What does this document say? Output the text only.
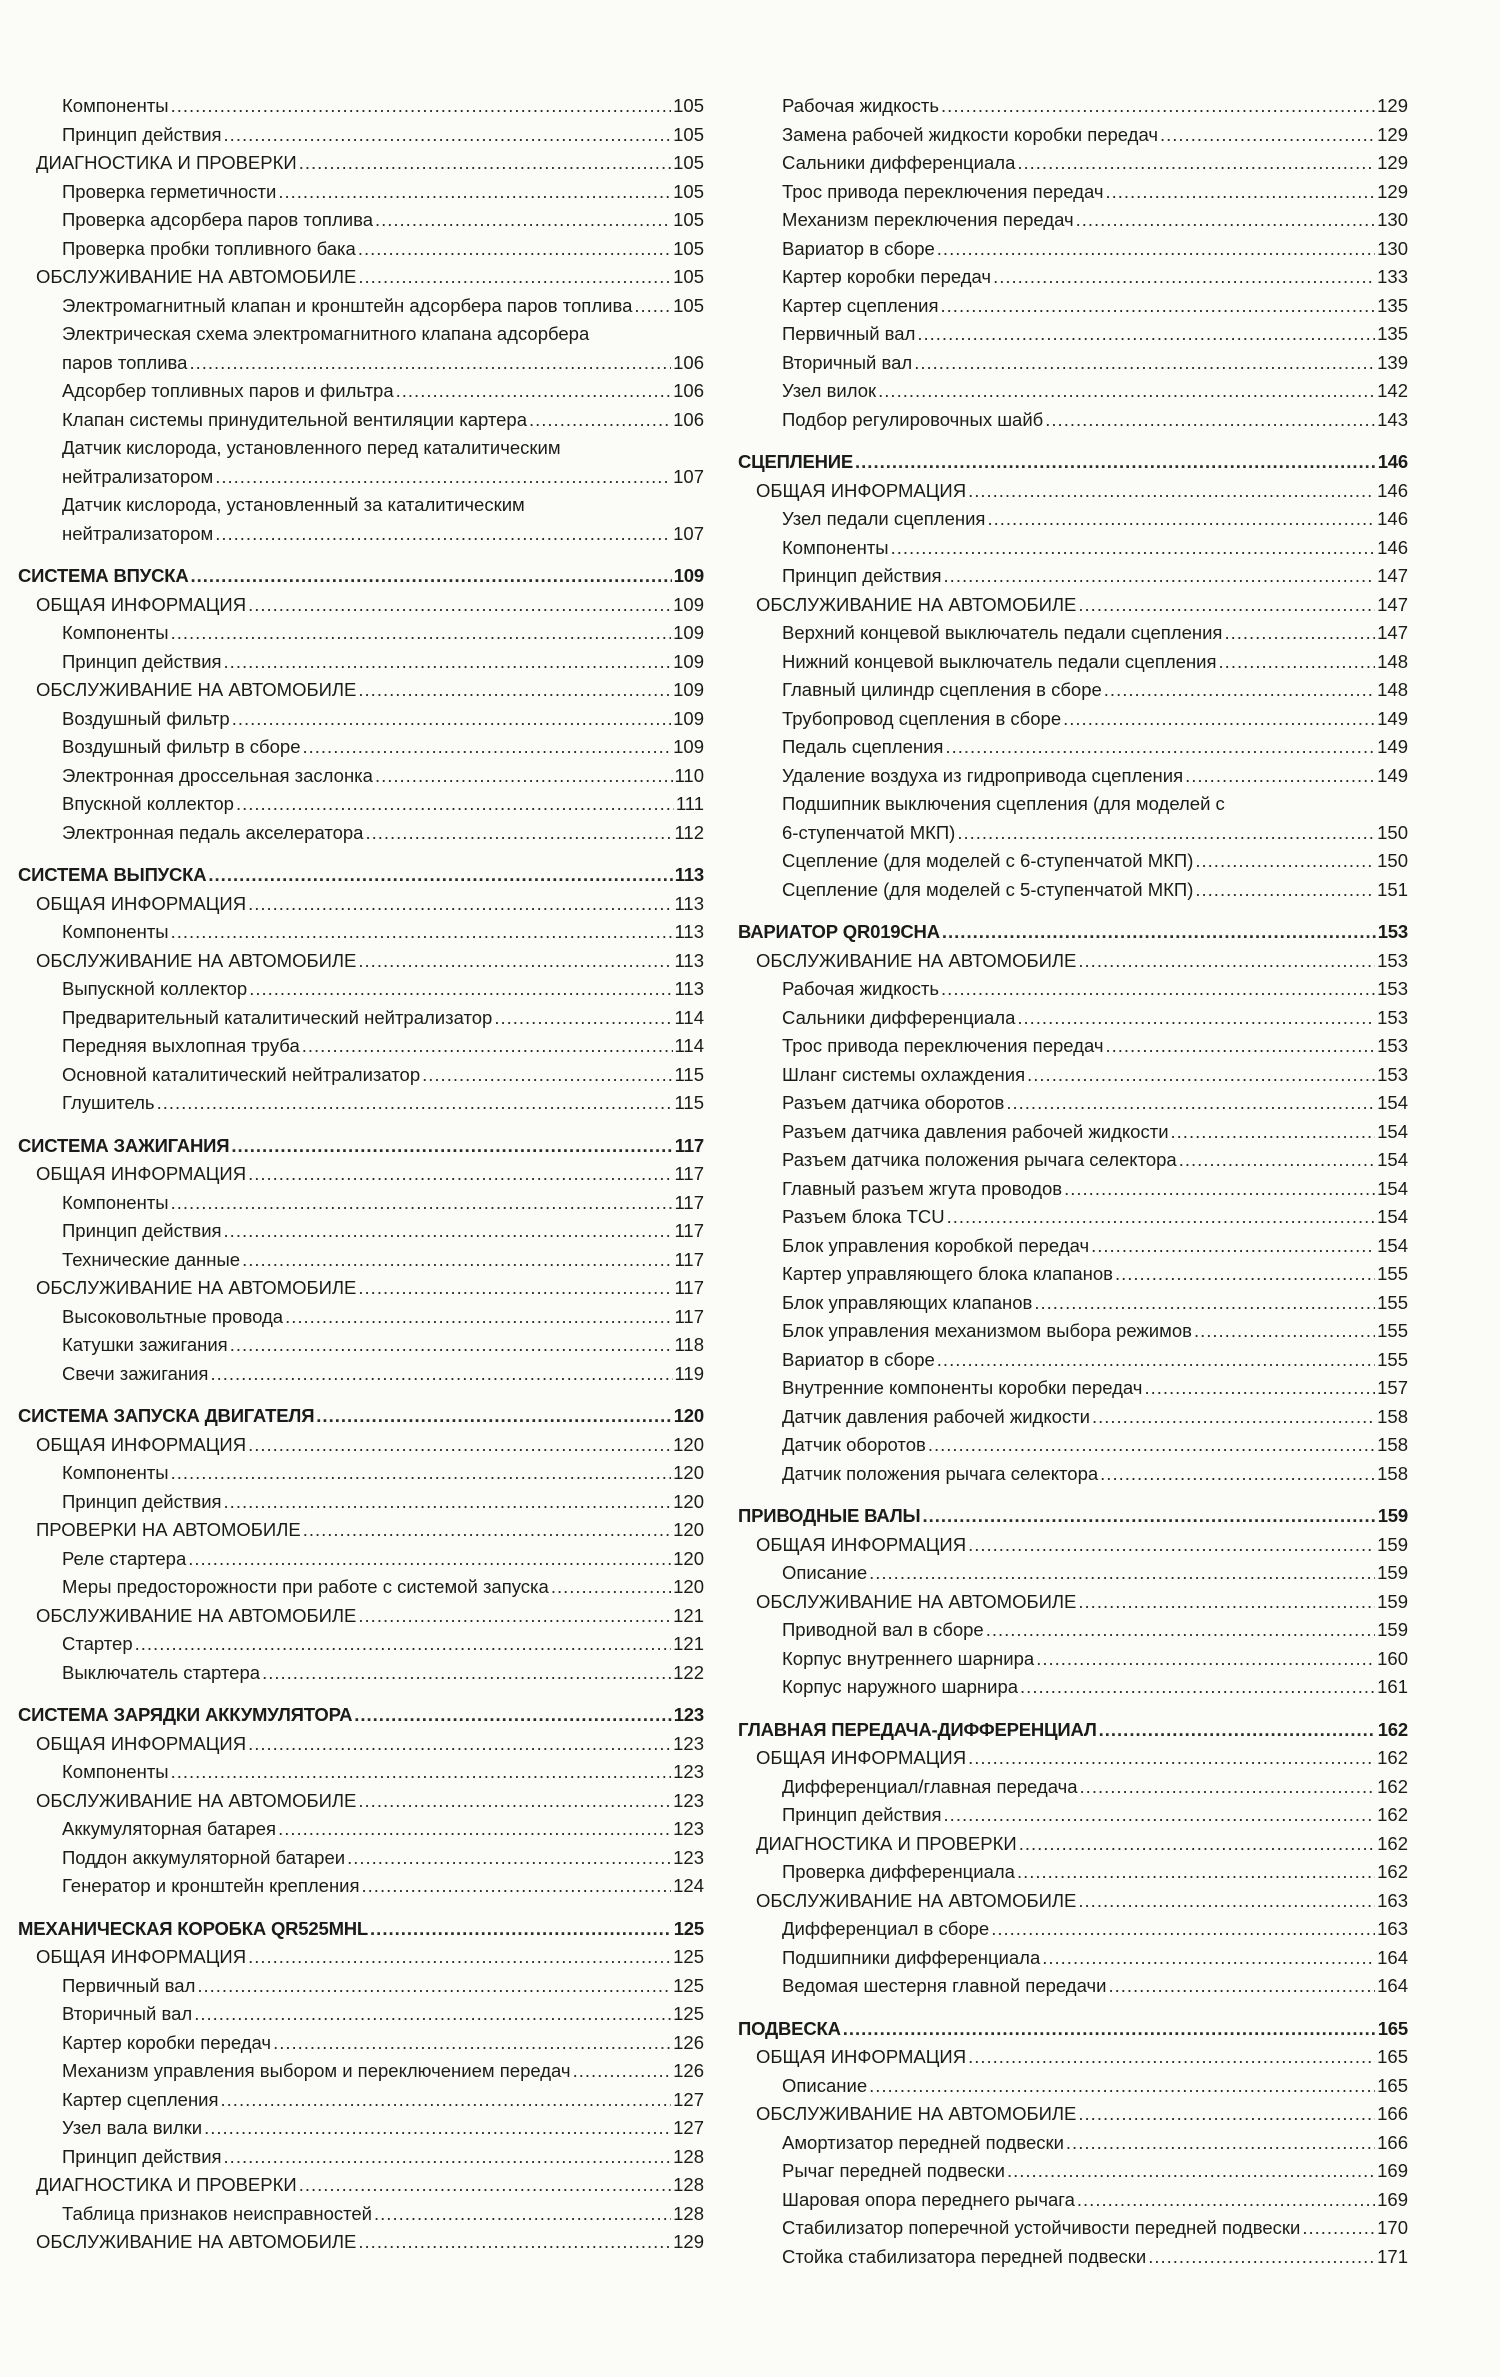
Компоненты .....	105
Принцип действия .....	105
ДИАГНОСТИКА И ПРОВЕРКИ .....	105
Проверка герметичности .....	105
Проверка адсорбера паров топлива .....	105
Проверка пробки топливного бака .....	105
ОБСЛУЖИВАНИЕ НА АВТОМОБИЛЕ .....	105
Электромагнитный клапан и кронштейн адсорбера паров топлива ..... 105
Электрическая схема электромагнитного клапана адсорбера
паров топлива .....	106
Адсорбер топливных паров и фильтра .....	106
Клапан системы принудительной вентиляции картера .....	106
Датчик кислорода, установленного перед каталитическим
нейтрализатором .....	107
Датчик кислорода, установленный за каталитическим
нейтрализатором .....	107
СИСТЕМА ВПУСКА .....	109
ОБЩАЯ ИНФОРМАЦИЯ .....	109
Компоненты .....	109
Принцип действия .....	109
ОБСЛУЖИВАНИЕ НА АВТОМОБИЛЕ .....	109
Воздушный фильтр .....	109
Воздушный фильтр в сборе .....	109
Электронная дроссельная заслонка .....	110
Впускной коллектор .....	111
Электронная педаль акселератора .....	112
СИСТЕМА ВЫПУСКА .....	113
ОБЩАЯ ИНФОРМАЦИЯ .....	113
Компоненты .....	113
ОБСЛУЖИВАНИЕ НА АВТОМОБИЛЕ .....	113
Выпускной коллектор .....	113
Предварительный каталитический нейтрализатор .....	114
Передняя выхлопная труба .....	114
Основной каталитический нейтрализатор .....	115
Глушитель .....	115
СИСТЕМА ЗАЖИГАНИЯ .....	117
ОБЩАЯ ИНФОРМАЦИЯ .....	117
Компоненты .....	117
Принцип действия .....	117
Технические данные .....	117
ОБСЛУЖИВАНИЕ НА АВТОМОБИЛЕ .....	117
Высоковольтные провода .....	117
Катушки зажигания .....	118
Свечи зажигания .....	119
СИСТЕМА ЗАПУСКА ДВИГАТЕЛЯ .....	120
ОБЩАЯ ИНФОРМАЦИЯ .....	120
Компоненты .....	120
Принцип действия .....	120
ПРОВЕРКИ НА АВТОМОБИЛЕ .....	120
Реле стартера .....	120
Меры предосторожности при работе с системой запуска .....	120
ОБСЛУЖИВАНИЕ НА АВТОМОБИЛЕ .....	121
Стартер .....	121
Выключатель стартера .....	122
СИСТЕМА ЗАРЯДКИ АККУМУЛЯТОРА .....	123
ОБЩАЯ ИНФОРМАЦИЯ .....	123
Компоненты .....	123
ОБСЛУЖИВАНИЕ НА АВТОМОБИЛЕ .....	123
Аккумуляторная батарея .....	123
Поддон аккумуляторной батареи .....	123
Генератор и кронштейн крепления .....	124
МЕХАНИЧЕСКАЯ КОРОБКА QR525MHL .....	125
ОБЩАЯ ИНФОРМАЦИЯ .....	125
Первичный вал .....	125
Вторичный вал .....	125
Картер коробки передач .....	126
Механизм управления выбором и переключением передач .....	126
Картер сцепления .....	127
Узел вала вилки .....	127
Принцип действия .....	128
ДИАГНОСТИКА И ПРОВЕРКИ .....	128
Таблица признаков неисправностей .....	128
ОБСЛУЖИВАНИЕ НА АВТОМОБИЛЕ .....	129
Рабочая жидкость .....	129
Замена рабочей жидкости коробки передач .....	129
Сальники дифференциала .....	129
Трос привода переключения передач .....	129
Механизм переключения передач .....	130
Вариатор в сборе .....	130
Картер коробки передач .....	133
Картер сцепления .....	135
Первичный вал .....	135
Вторичный вал .....	139
Узел вилок .....	142
Подбор регулировочных шайб .....	143
СЦЕПЛЕНИЕ .....	146
ОБЩАЯ ИНФОРМАЦИЯ .....	146
Узел педали сцепления .....	146
Компоненты .....	146
Принцип действия .....	147
ОБСЛУЖИВАНИЕ НА АВТОМОБИЛЕ .....	147
Верхний концевой выключатель педали сцепления .....	147
Нижний концевой выключатель педали сцепления .....	148
Главный цилиндр сцепления в сборе .....	148
Трубопровод сцепления в сборе .....	149
Педаль сцепления .....	149
Удаление воздуха из гидропривода сцепления .....	149
Подшипник выключения сцепления (для моделей с
6-ступенчатой МКП) .....	150
Сцепление (для моделей с 6-ступенчатой МКП) .....	150
Сцепление (для моделей с 5-ступенчатой МКП) .....	151
ВАРИАТОР QR019CHA .....	153
ОБСЛУЖИВАНИЕ НА АВТОМОБИЛЕ .....	153
Рабочая жидкость .....	153
Сальники дифференциала .....	153
Трос привода переключения передач .....	153
Шланг системы охлаждения .....	153
Разъем датчика оборотов .....	154
Разъем датчика давления рабочей жидкости .....	154
Разъем датчика положения рычага селектора .....	154
Главный разъем жгута проводов .....	154
Разъем блока TCU .....	154
Блок управления коробкой передач .....	154
Картер управляющего блока клапанов .....	155
Блок управляющих клапанов .....	155
Блок управления механизмом выбора режимов .....	155
Вариатор в сборе .....	155
Внутренние компоненты коробки передач .....	157
Датчик давления рабочей жидкости .....	158
Датчик оборотов .....	158
Датчик положения рычага селектора .....	158
ПРИВОДНЫЕ ВАЛЫ .....	159
ОБЩАЯ ИНФОРМАЦИЯ .....	159
Описание .....	159
ОБСЛУЖИВАНИЕ НА АВТОМОБИЛЕ .....	159
Приводной вал в сборе .....	159
Корпус внутреннего шарнира .....	160
Корпус наружного шарнира .....	161
ГЛАВНАЯ ПЕРЕДАЧА-ДИФФЕРЕНЦИАЛ .....	162
ОБЩАЯ ИНФОРМАЦИЯ .....	162
Дифференциал/главная передача .....	162
Принцип действия .....	162
ДИАГНОСТИКА И ПРОВЕРКИ .....	162
Проверка дифференциала .....	162
ОБСЛУЖИВАНИЕ НА АВТОМОБИЛЕ .....	163
Дифференциал в сборе .....	163
Подшипники дифференциала .....	164
Ведомая шестерня главной передачи .....	164
ПОДВЕСКА .....	165
ОБЩАЯ ИНФОРМАЦИЯ .....	165
Описание .....	165
ОБСЛУЖИВАНИЕ НА АВТОМОБИЛЕ .....	166
Амортизатор передней подвески .....	166
Рычаг передней подвески .....	169
Шаровая опора переднего рычага .....	169
Стабилизатор поперечной устойчивости передней подвески .....	170
Стойка стабилизатора передней подвески .....	171
